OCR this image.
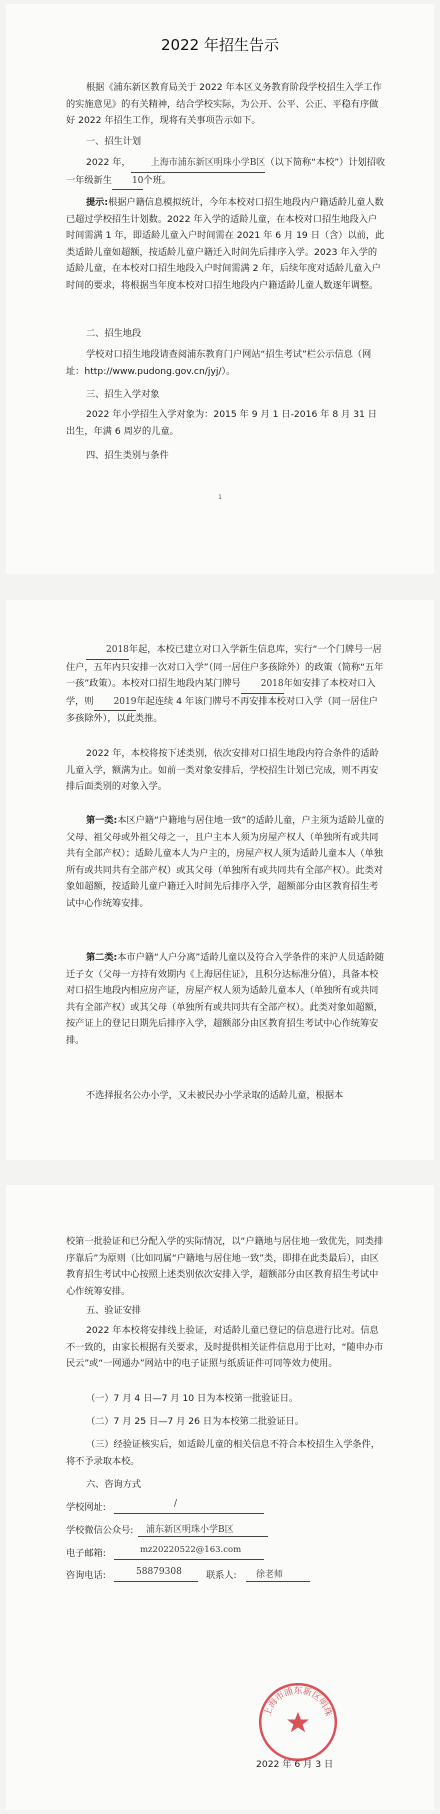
2022 年招生告示
根据《浦东新区教育局关于 2022 年本区义务教育阶段学校招生入学工作的实施意见》的有关精神，结合学校实际，为公开、公平、公正、平稳有序做好 2022 年招生工作，现将有关事项告示如下。
一、招生计划
2022 年， 上海市浦东新区明珠小学B区（以下简称“本校”）计划招收一年级新生 10个班。
提示:根据户籍信息模拟统计，今年本校对口招生地段内户籍适龄儿童人数已超过学校招生计划数。2022 年入学的适龄儿童，在本校对口招生地段入户时间需满 1 年，即适龄儿童入户时间需在 2021 年 6 月 19 日（含）以前，此类适龄儿童如超额，按适龄儿童户籍迁入时间先后排序入学。2023 年入学的适龄儿童，在本校对口招生地段入户时间需满 2 年，后续年度对适龄儿童入户时间的要求，将根据当年度本校对口招生地段内户籍适龄儿童人数逐年调整。
二、招生地段
学校对口招生地段请查阅浦东教育门户网站“招生考试”栏公示信息（网址：http://www.pudong.gov.cn/jyj/）。
三、招生入学对象
2022 年小学招生入学对象为：2015 年 9 月 1 日-2016 年 8 月 31 日出生，年满 6 周岁的儿童。
四、招生类别与条件
1
2018年起，本校已建立对口入学新生信息库，实行“一个门牌号一居住户，五年内只安排一次对口入学”（同一居住户多孩除外）的政策（简称“五年一孩”政策）。本校对口招生地段内某门牌号 2018年如安排了本校对口入学，则 2019年起连续 4 年该门牌号不再安排本校对口入学（同一居住户多孩除外），以此类推。
2022 年，本校将按下述类别，依次安排对口招生地段内符合条件的适龄儿童入学，额满为止。如前一类对象安排后，学校招生计划已完成，则不再安排后面类别的对象入学。
第一类:本区户籍“户籍地与居住地一致”的适龄儿童，户主须为适龄儿童的父母、祖父母或外祖父母之一，且户主本人须为房屋产权人（单独所有或共同共有全部产权）；适龄儿童本人为户主的，房屋产权人须为适龄儿童本人（单独所有或共同共有全部产权）或其父母（单独所有或共同共有全部产权）。此类对象如超额，按适龄儿童户籍迁入时间先后排序入学，超额部分由区教育招生考试中心作统筹安排。
第二类:本市户籍“人户分离”适龄儿童以及符合入学条件的来沪人员适龄随迁子女（父母一方持有效期内《上海居住证》，且积分达标准分值），具备本校对口招生地段内相应房产证，房屋产权人须为适龄儿童本人（单独所有或共同共有全部产权）或其父母（单独所有或共同共有全部产权）。此类对象如超额，按产证上的登记日期先后排序入学，超额部分由区教育招生考试中心作统筹安排。
不选择报名公办小学，又未被民办小学录取的适龄儿童，根据本
校第一批验证和已分配入学的实际情况，以“户籍地与居住地一致优先，同类排序靠后”为原则（比如同属“户籍地与居住地一致”类，即排在此类最后），由区教育招生考试中心按照上述类别依次安排入学，超额部分由区教育招生考试中心作统筹安排。
五、验证安排
2022 年本校将安排线上验证，对适龄儿童已登记的信息进行比对。信息不一致的，由家长根据有关要求，及时提供相关证件信息用于比对，“随申办市民云”或“一网通办”网站中的电子证照与纸质证件可同等效力使用。
（一）7 月 4 日—7 月 10 日为本校第一批验证日。
（二）7 月 25 日—7 月 26 日为本校第二批验证日。
（三）经验证核实后，如适龄儿童的相关信息不符合本校招生入学条件，将不予录取本校。
六、咨询方式
学校网址:	/
学校微信公众号: 浦东新区明珠小学B区
电子邮箱:	mz20220522@163.com
咨询电话:	58879308	联系人: 徐老师
上海市浦东新区明珠
2022 年 6 月 3 日
